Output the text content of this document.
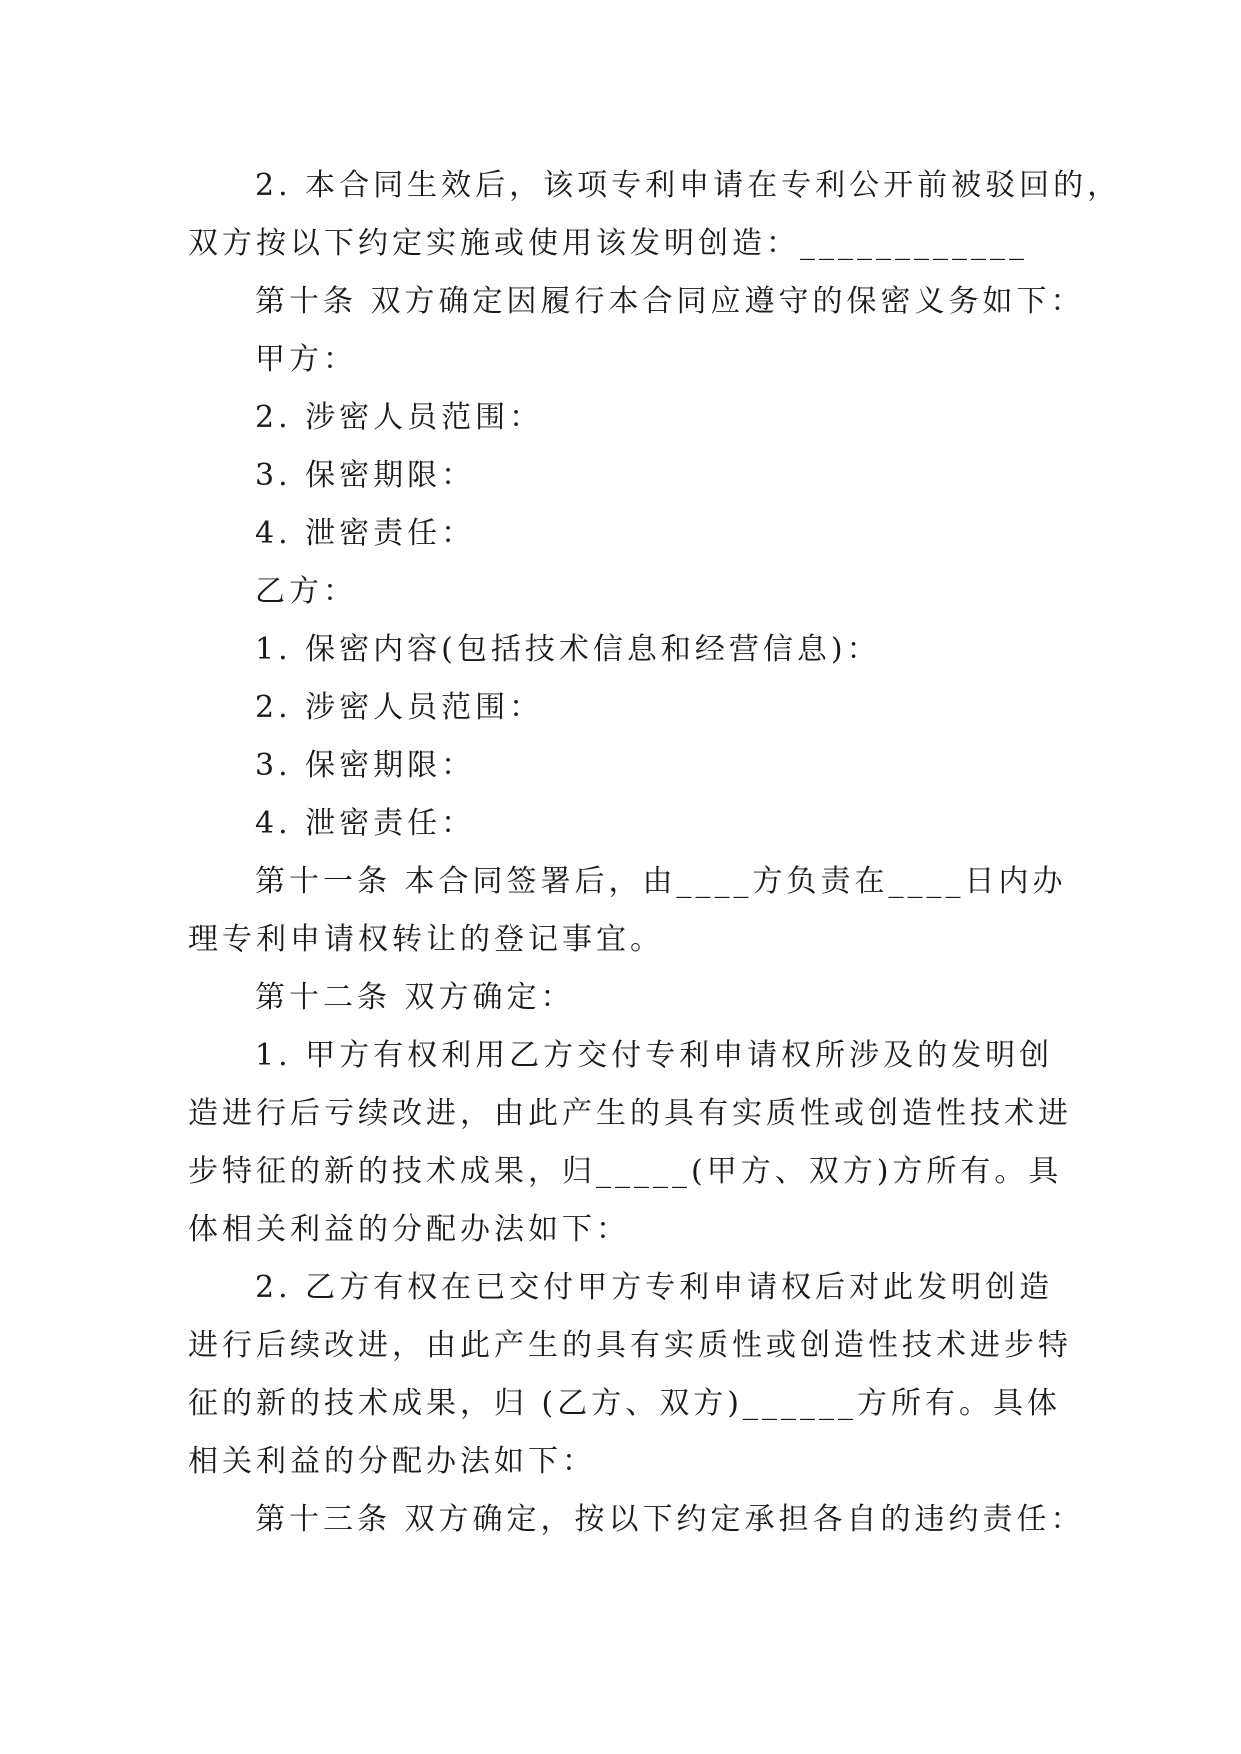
2. 本合同生效后，该项专利申请在专利公开前被驳回的，
双方按以下约定实施或使用该发明创造：____________
第十条 双方确定因履行本合同应遵守的保密义务如下：
甲方：
2. 涉密人员范围：
3. 保密期限：
4. 泄密责任：
乙方：
1. 保密内容(包括技术信息和经营信息)：
2. 涉密人员范围：
3. 保密期限：
4. 泄密责任：
第十一条 本合同签署后，由____方负责在____日内办
理专利申请权转让的登记事宜。
第十二条 双方确定：
1. 甲方有权利用乙方交付专利申请权所涉及的发明创
造进行后亏续改进，由此产生的具有实质性或创造性技术进
步特征的新的技术成果，归_____(甲方、双方)方所有。具
体相关利益的分配办法如下：
2. 乙方有权在已交付甲方专利申请权后对此发明创造
进行后续改进，由此产生的具有实质性或创造性技术进步特
征的新的技术成果，归 (乙方、双方)______方所有。具体
相关利益的分配办法如下：
第十三条 双方确定，按以下约定承担各自的违约责任：
